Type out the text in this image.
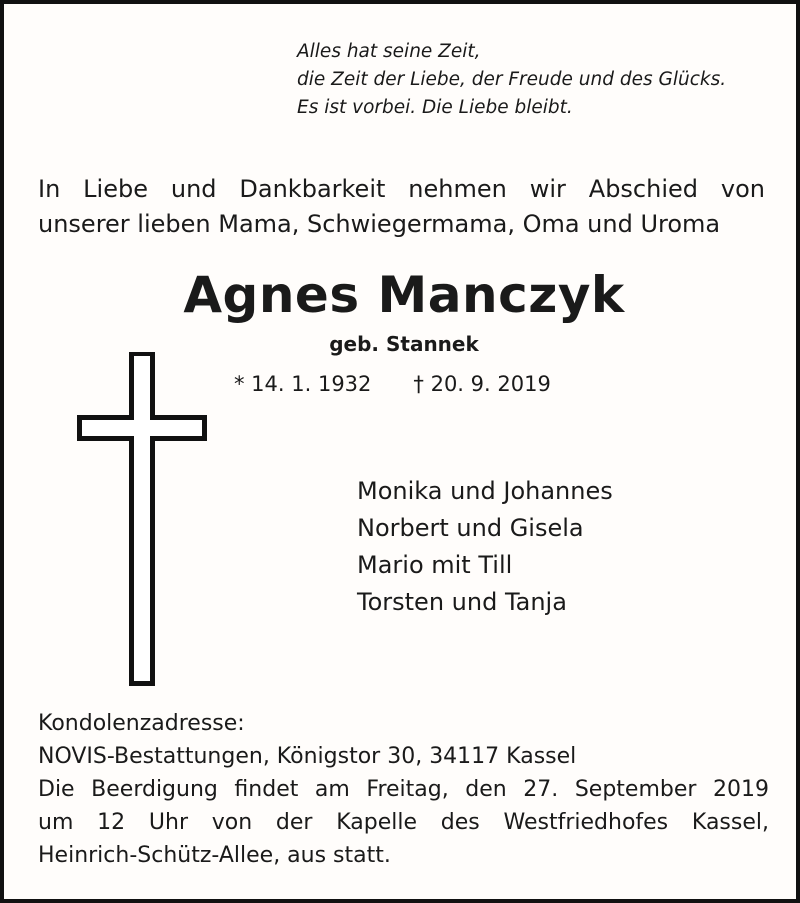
Alles hat seine Zeit,
die Zeit der Liebe, der Freude und des Glücks.
Es ist vorbei. Die Liebe bleibt.
In Liebe und Dankbarkeit nehmen wir Abschied von
unserer lieben Mama, Schwiegermama, Oma und Uroma
Agnes Manczyk
geb. Stannek
* 14. 1. 1932 † 20. 9. 2019
Monika und Johannes
Norbert und Gisela
Mario mit Till
Torsten und Tanja
Kondolenzadresse:
NOVIS-Bestattungen, Königstor 30, 34117 Kassel
Die Beerdigung findet am Freitag, den 27. September 2019
um 12 Uhr von der Kapelle des Westfriedhofes Kassel,
Heinrich-Schütz-Allee, aus statt.
